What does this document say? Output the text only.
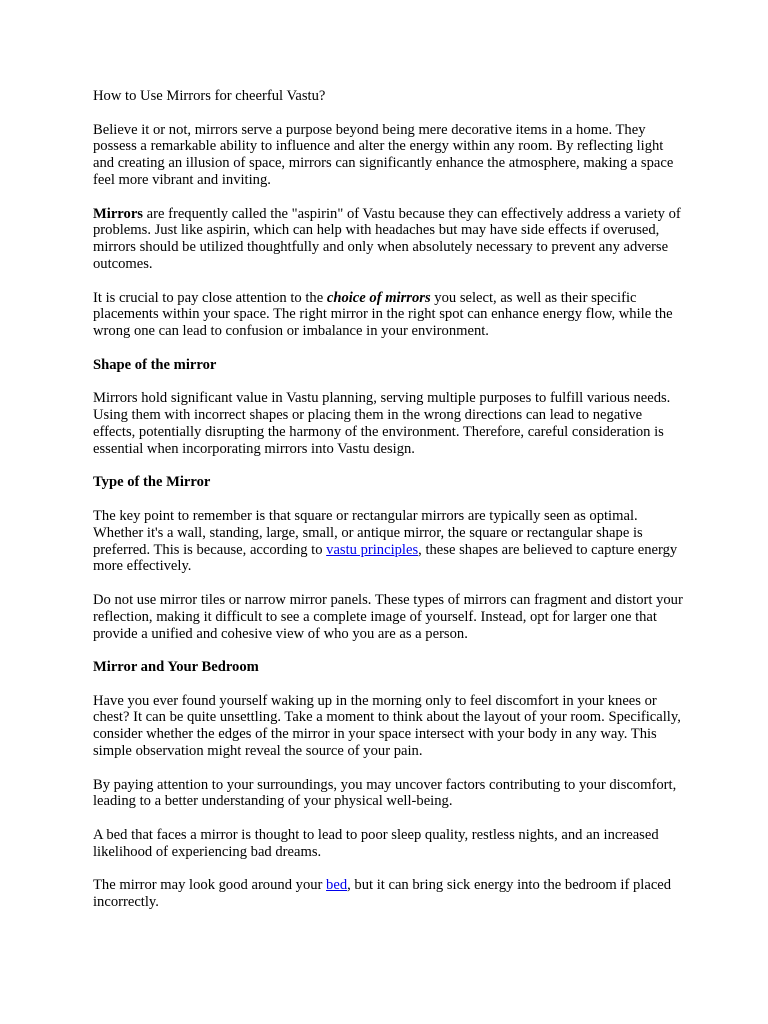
How to Use Mirrors for cheerful Vastu?

Believe it or not, mirrors serve a purpose beyond being mere decorative items in a home. They possess a remarkable ability to influence and alter the energy within any room. By reflecting light and creating an illusion of space, mirrors can significantly enhance the atmosphere, making a space feel more vibrant and inviting.

Mirrors are frequently called the "aspirin" of Vastu because they can effectively address a variety of problems. Just like aspirin, which can help with headaches but may have side effects if overused, mirrors should be utilized thoughtfully and only when absolutely necessary to prevent any adverse outcomes.

It is crucial to pay close attention to the choice of mirrors you select, as well as their specific placements within your space. The right mirror in the right spot can enhance energy flow, while the wrong one can lead to confusion or imbalance in your environment.

Shape of the mirror

Mirrors hold significant value in Vastu planning, serving multiple purposes to fulfill various needs. Using them with incorrect shapes or placing them in the wrong directions can lead to negative effects, potentially disrupting the harmony of the environment. Therefore, careful consideration is essential when incorporating mirrors into Vastu design.

Type of the Mirror

The key point to remember is that square or rectangular mirrors are typically seen as optimal. Whether it's a wall, standing, large, small, or antique mirror, the square or rectangular shape is preferred. This is because, according to vastu principles, these shapes are believed to capture energy more effectively.

Do not use mirror tiles or narrow mirror panels. These types of mirrors can fragment and distort your reflection, making it difficult to see a complete image of yourself. Instead, opt for larger one that provide a unified and cohesive view of who you are as a person.

Mirror and Your Bedroom

Have you ever found yourself waking up in the morning only to feel discomfort in your knees or chest? It can be quite unsettling. Take a moment to think about the layout of your room. Specifically, consider whether the edges of the mirror in your space intersect with your body in any way. This simple observation might reveal the source of your pain.

By paying attention to your surroundings, you may uncover factors contributing to your discomfort, leading to a better understanding of your physical well-being.

A bed that faces a mirror is thought to lead to poor sleep quality, restless nights, and an increased likelihood of experiencing bad dreams.

The mirror may look good around your bed, but it can bring sick energy into the bedroom if placed incorrectly.
